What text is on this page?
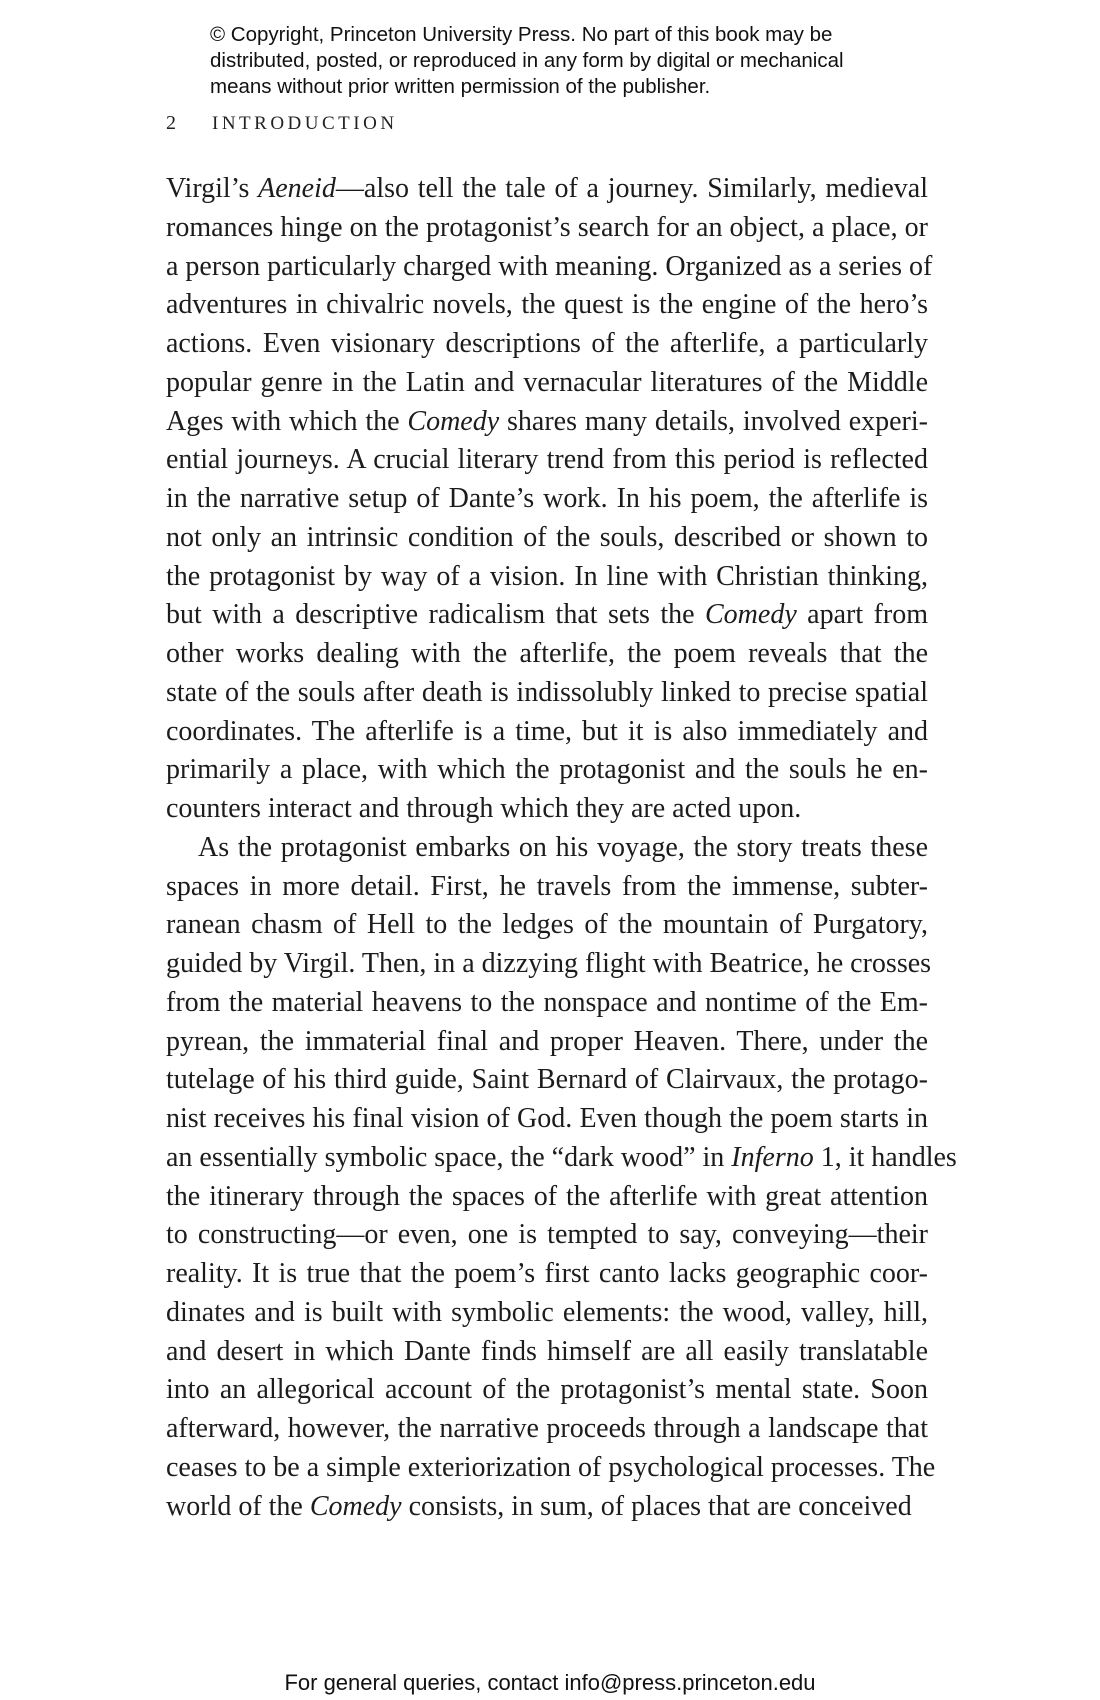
© Copyright, Princeton University Press. No part of this book may be
distributed, posted, or reproduced in any form by digital or mechanical
means without prior written permission of the publisher.
2 INTRODUCTION
Virgil’s Aeneid—also tell the tale of a journey. Similarly, medieval
romances hinge on the protagonist’s search for an object, a place, or
a person particularly charged with meaning. Organized as a series of
adventures in chivalric novels, the quest is the engine of the hero’s
actions. Even visionary descriptions of the afterlife, a particularly
popular genre in the Latin and vernacular literatures of the Middle
Ages with which the Comedy shares many details, involved experi-
ential journeys. A crucial literary trend from this period is reflected
in the narrative setup of Dante’s work. In his poem, the afterlife is
not only an intrinsic condition of the souls, described or shown to
the protagonist by way of a vision. In line with Christian thinking,
but with a descriptive radicalism that sets the Comedy apart from
other works dealing with the afterlife, the poem reveals that the
state of the souls after death is indissolubly linked to precise spatial
coordinates. The afterlife is a time, but it is also immediately and
primarily a place, with which the protagonist and the souls he en-
counters interact and through which they are acted upon.
As the protagonist embarks on his voyage, the story treats these
spaces in more detail. First, he travels from the immense, subter-
ranean chasm of Hell to the ledges of the mountain of Purgatory,
guided by Virgil. Then, in a dizzying flight with Beatrice, he crosses
from the material heavens to the nonspace and nontime of the Em-
pyrean, the immaterial final and proper Heaven. There, under the
tutelage of his third guide, Saint Bernard of Clairvaux, the protago-
nist receives his final vision of God. Even though the poem starts in
an essentially symbolic space, the “dark wood” in Inferno 1, it handles
the itinerary through the spaces of the afterlife with great attention
to constructing—or even, one is tempted to say, conveying—their
reality. It is true that the poem’s first canto lacks geographic coor-
dinates and is built with symbolic elements: the wood, valley, hill,
and desert in which Dante finds himself are all easily translatable
into an allegorical account of the protagonist’s mental state. Soon
afterward, however, the narrative proceeds through a landscape that
ceases to be a simple exteriorization of psychological processes. The
world of the Comedy consists, in sum, of places that are conceived
For general queries, contact info@press.princeton.edu
